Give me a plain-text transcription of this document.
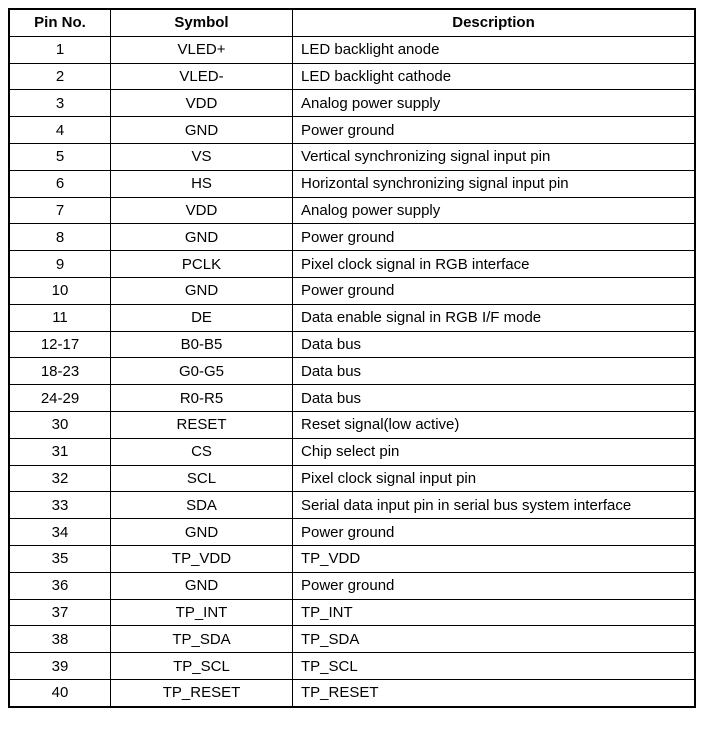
Pin No.	Symbol	Description
1	VLED+	LED backlight anode
2	VLED-	LED backlight cathode
3	VDD	Analog power supply
4	GND	Power ground
5	VS	Vertical synchronizing signal input pin
6	HS	Horizontal synchronizing signal input pin
7	VDD	Analog power supply
8	GND	Power ground
9	PCLK	Pixel clock signal in RGB interface
10	GND	Power ground
11	DE	Data enable signal in RGB I/F mode
12-17	B0-B5	Data bus
18-23	G0-G5	Data bus
24-29	R0-R5	Data bus
30	RESET	Reset signal(low active)
31	CS	Chip select pin
32	SCL	Pixel clock signal input pin
33	SDA	Serial data input pin in serial bus system interface
34	GND	Power ground
35	TP_VDD	TP_VDD
36	GND	Power ground
37	TP_INT	TP_INT
38	TP_SDA	TP_SDA
39	TP_SCL	TP_SCL
40	TP_RESET	TP_RESET
